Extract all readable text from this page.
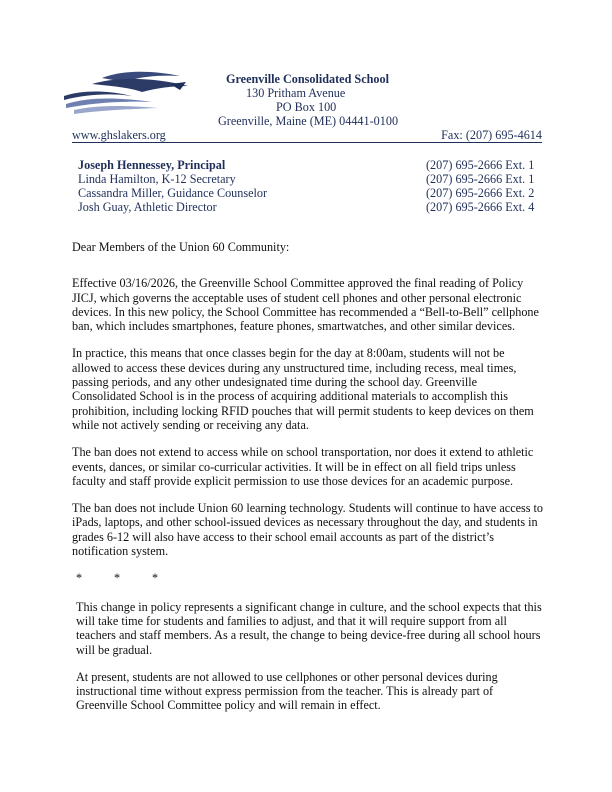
Greenville Consolidated School
130 Pritham Avenue
PO Box 100
Greenville, Maine (ME) 04441-0100
www.ghslakers.org	Fax: (207) 695-4614
Joseph Hennessey, Principal	(207) 695-2666 Ext. 1
Linda Hamilton, K-12 Secretary	(207) 695-2666 Ext. 1
Cassandra Miller, Guidance Counselor	(207) 695-2666 Ext. 2
Josh Guay, Athletic Director	(207) 695-2666 Ext. 4

Dear Members of the Union 60 Community:

Effective 03/16/2026, the Greenville School Committee approved the final reading of Policy JICJ, which governs the acceptable uses of student cell phones and other personal electronic devices. In this new policy, the School Committee has recommended a “Bell-to-Bell” cellphone ban, which includes smartphones, feature phones, smartwatches, and other similar devices.

In practice, this means that once classes begin for the day at 8:00am, students will not be allowed to access these devices during any unstructured time, including recess, meal times, passing periods, and any other undesignated time during the school day. Greenville Consolidated School is in the process of acquiring additional materials to accomplish this prohibition, including locking RFID pouches that will permit students to keep devices on them while not actively sending or receiving any data.

The ban does not extend to access while on school transportation, nor does it extend to athletic events, dances, or similar co-curricular activities. It will be in effect on all field trips unless faculty and staff provide explicit permission to use those devices for an academic purpose.

The ban does not include Union 60 learning technology. Students will continue to have access to iPads, laptops, and other school-issued devices as necessary throughout the day, and students in grades 6-12 will also have access to their school email accounts as part of the district’s notification system.

*	*	*

This change in policy represents a significant change in culture, and the school expects that this will take time for students and families to adjust, and that it will require support from all teachers and staff members. As a result, the change to being device-free during all school hours will be gradual.

At present, students are not allowed to use cellphones or other personal devices during instructional time without express permission from the teacher. This is already part of Greenville School Committee policy and will remain in effect.
